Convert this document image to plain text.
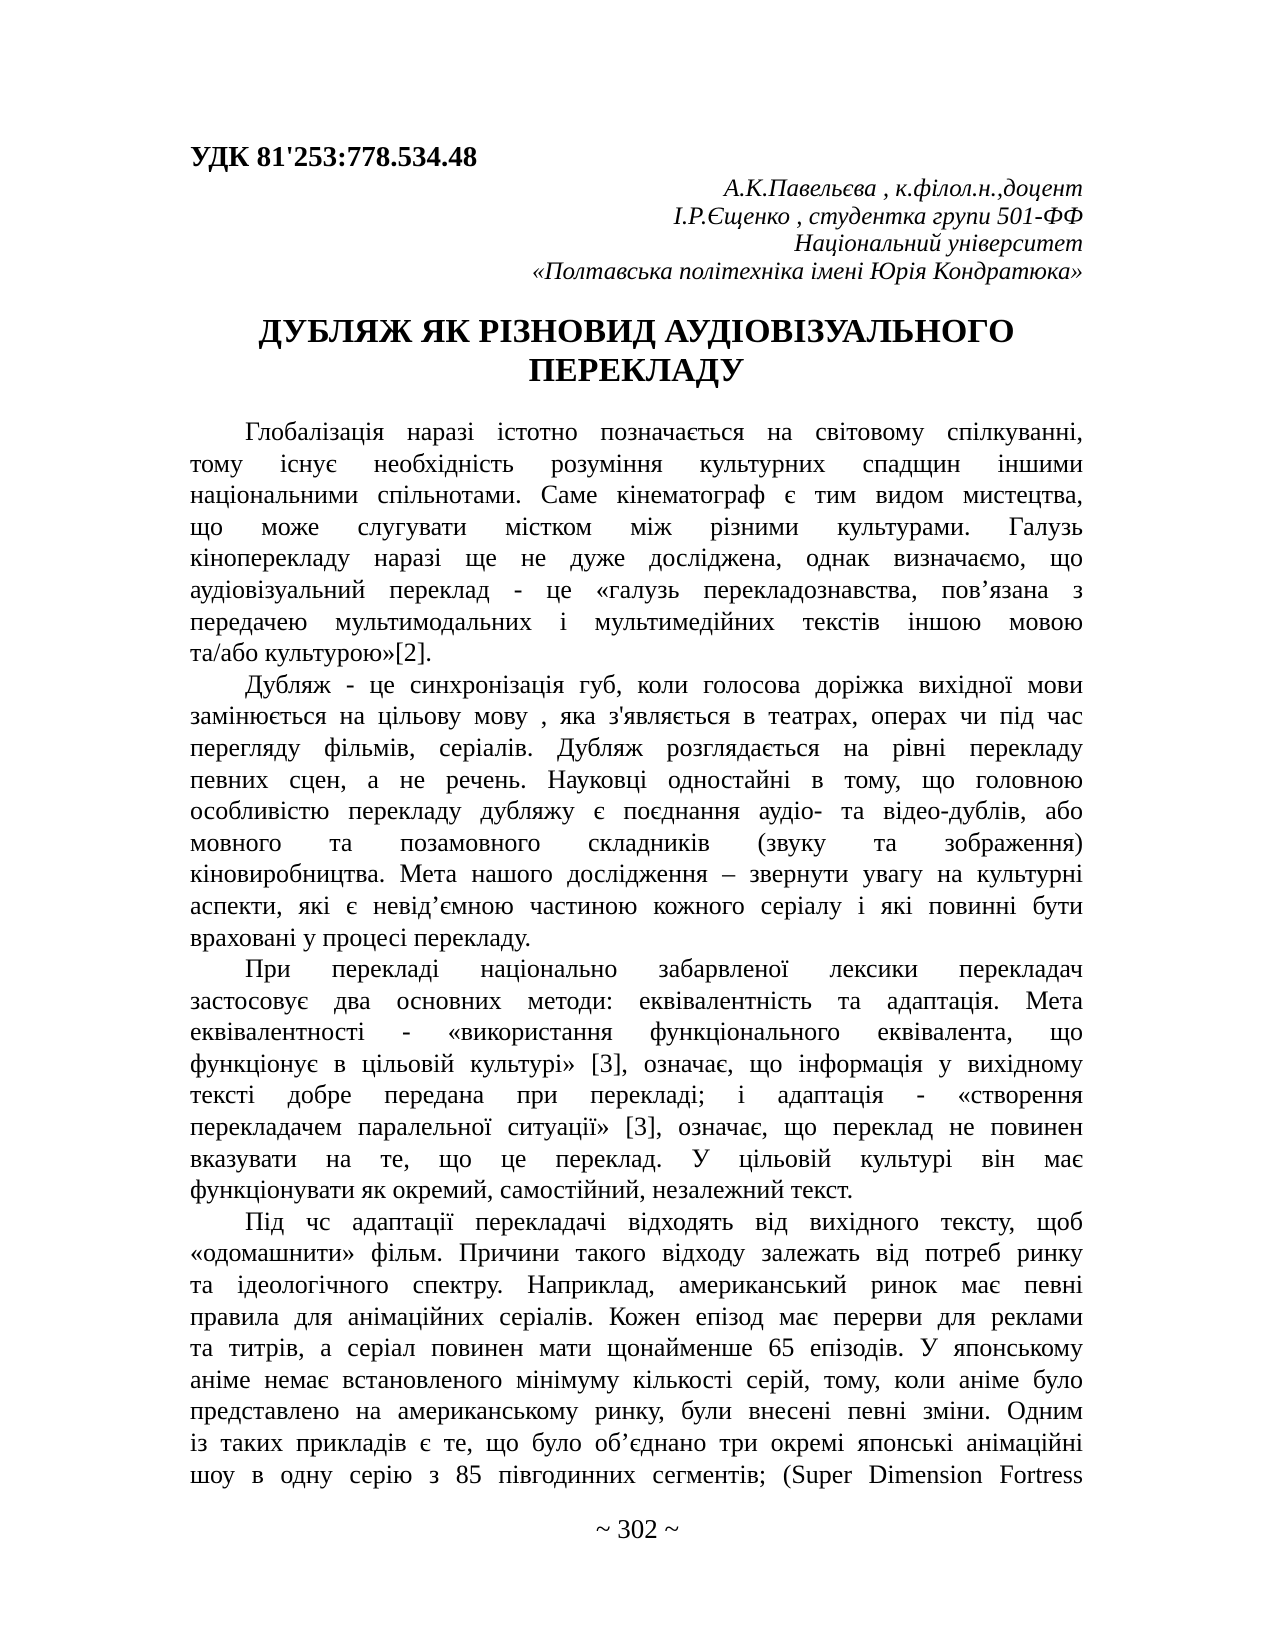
УДК 81'253:778.534.48
А.К.Павельєва , к.філол.н.,доцент
І.Р.Єщенко , студентка групи 501-ФФ
Національний університет
«Полтавська політехніка імені Юрія Кондратюка»
ДУБЛЯЖ ЯК РІЗНОВИД АУДІОВІЗУАЛЬНОГО
ПЕРЕКЛАДУ
Глобалізація наразі істотно позначається на світовому спілкуванні,
тому існує необхідність розуміння культурних спадщин іншими
національними спільнотами. Саме кінематограф є тим видом мистецтва,
що може слугувати містком між різними культурами. Галузь
кіноперекладу наразі ще не дуже досліджена, однак визначаємо, що
аудіовізуальний переклад - це «галузь перекладознавства, пов’язана з
передачею мультимодальних і мультимедійних текстів іншою мовою
та/або культурою»[2].
Дубляж - це синхронізація губ, коли голосова доріжка вихідної мови
замінюється на цільову мову , яка з'являється в театрах, операх чи під час
перегляду фільмів, серіалів. Дубляж розглядається на рівні перекладу
певних сцен, а не речень. Науковці одностайні в тому, що головною
особливістю перекладу дубляжу є поєднання аудіо- та відео-дублів, або
мовного та позамовного складників (звуку та зображення)
кіновиробництва. Мета нашого дослідження – звернути увагу на культурні
аспекти, які є невід’ємною частиною кожного серіалу і які повинні бути
враховані у процесі перекладу.
При перекладі національно забарвленої лексики перекладач
застосовує два основних методи: еквівалентність та адаптація. Мета
еквівалентності - «використання функціонального еквівалента, що
функціонує в цільовій культурі» [3], означає, що інформація у вихідному
тексті добре передана при перекладі; і адаптація - «створення
перекладачем паралельної ситуації» [3], означає, що переклад не повинен
вказувати на те, що це переклад. У цільовій культурі він має
функціонувати як окремий, самостійний, незалежний текст.
Під чс адаптації перекладачі відходять від вихідного тексту, щоб
«одомашнити» фільм. Причини такого відходу залежать від потреб ринку
та ідеологічного спектру. Наприклад, американський ринок має певні
правила для анімаційних серіалів. Кожен епізод має перерви для реклами
та титрів, а серіал повинен мати щонайменше 65 епізодів. У японському
аніме немає встановленого мінімуму кількості серій, тому, коли аніме було
представлено на американському ринку, були внесені певні зміни. Одним
із таких прикладів є те, що було об’єднано три окремі японські анімаційні
шоу в одну серію з 85 півгодинних сегментів; (Super Dimension Fortress
~ 302 ~
